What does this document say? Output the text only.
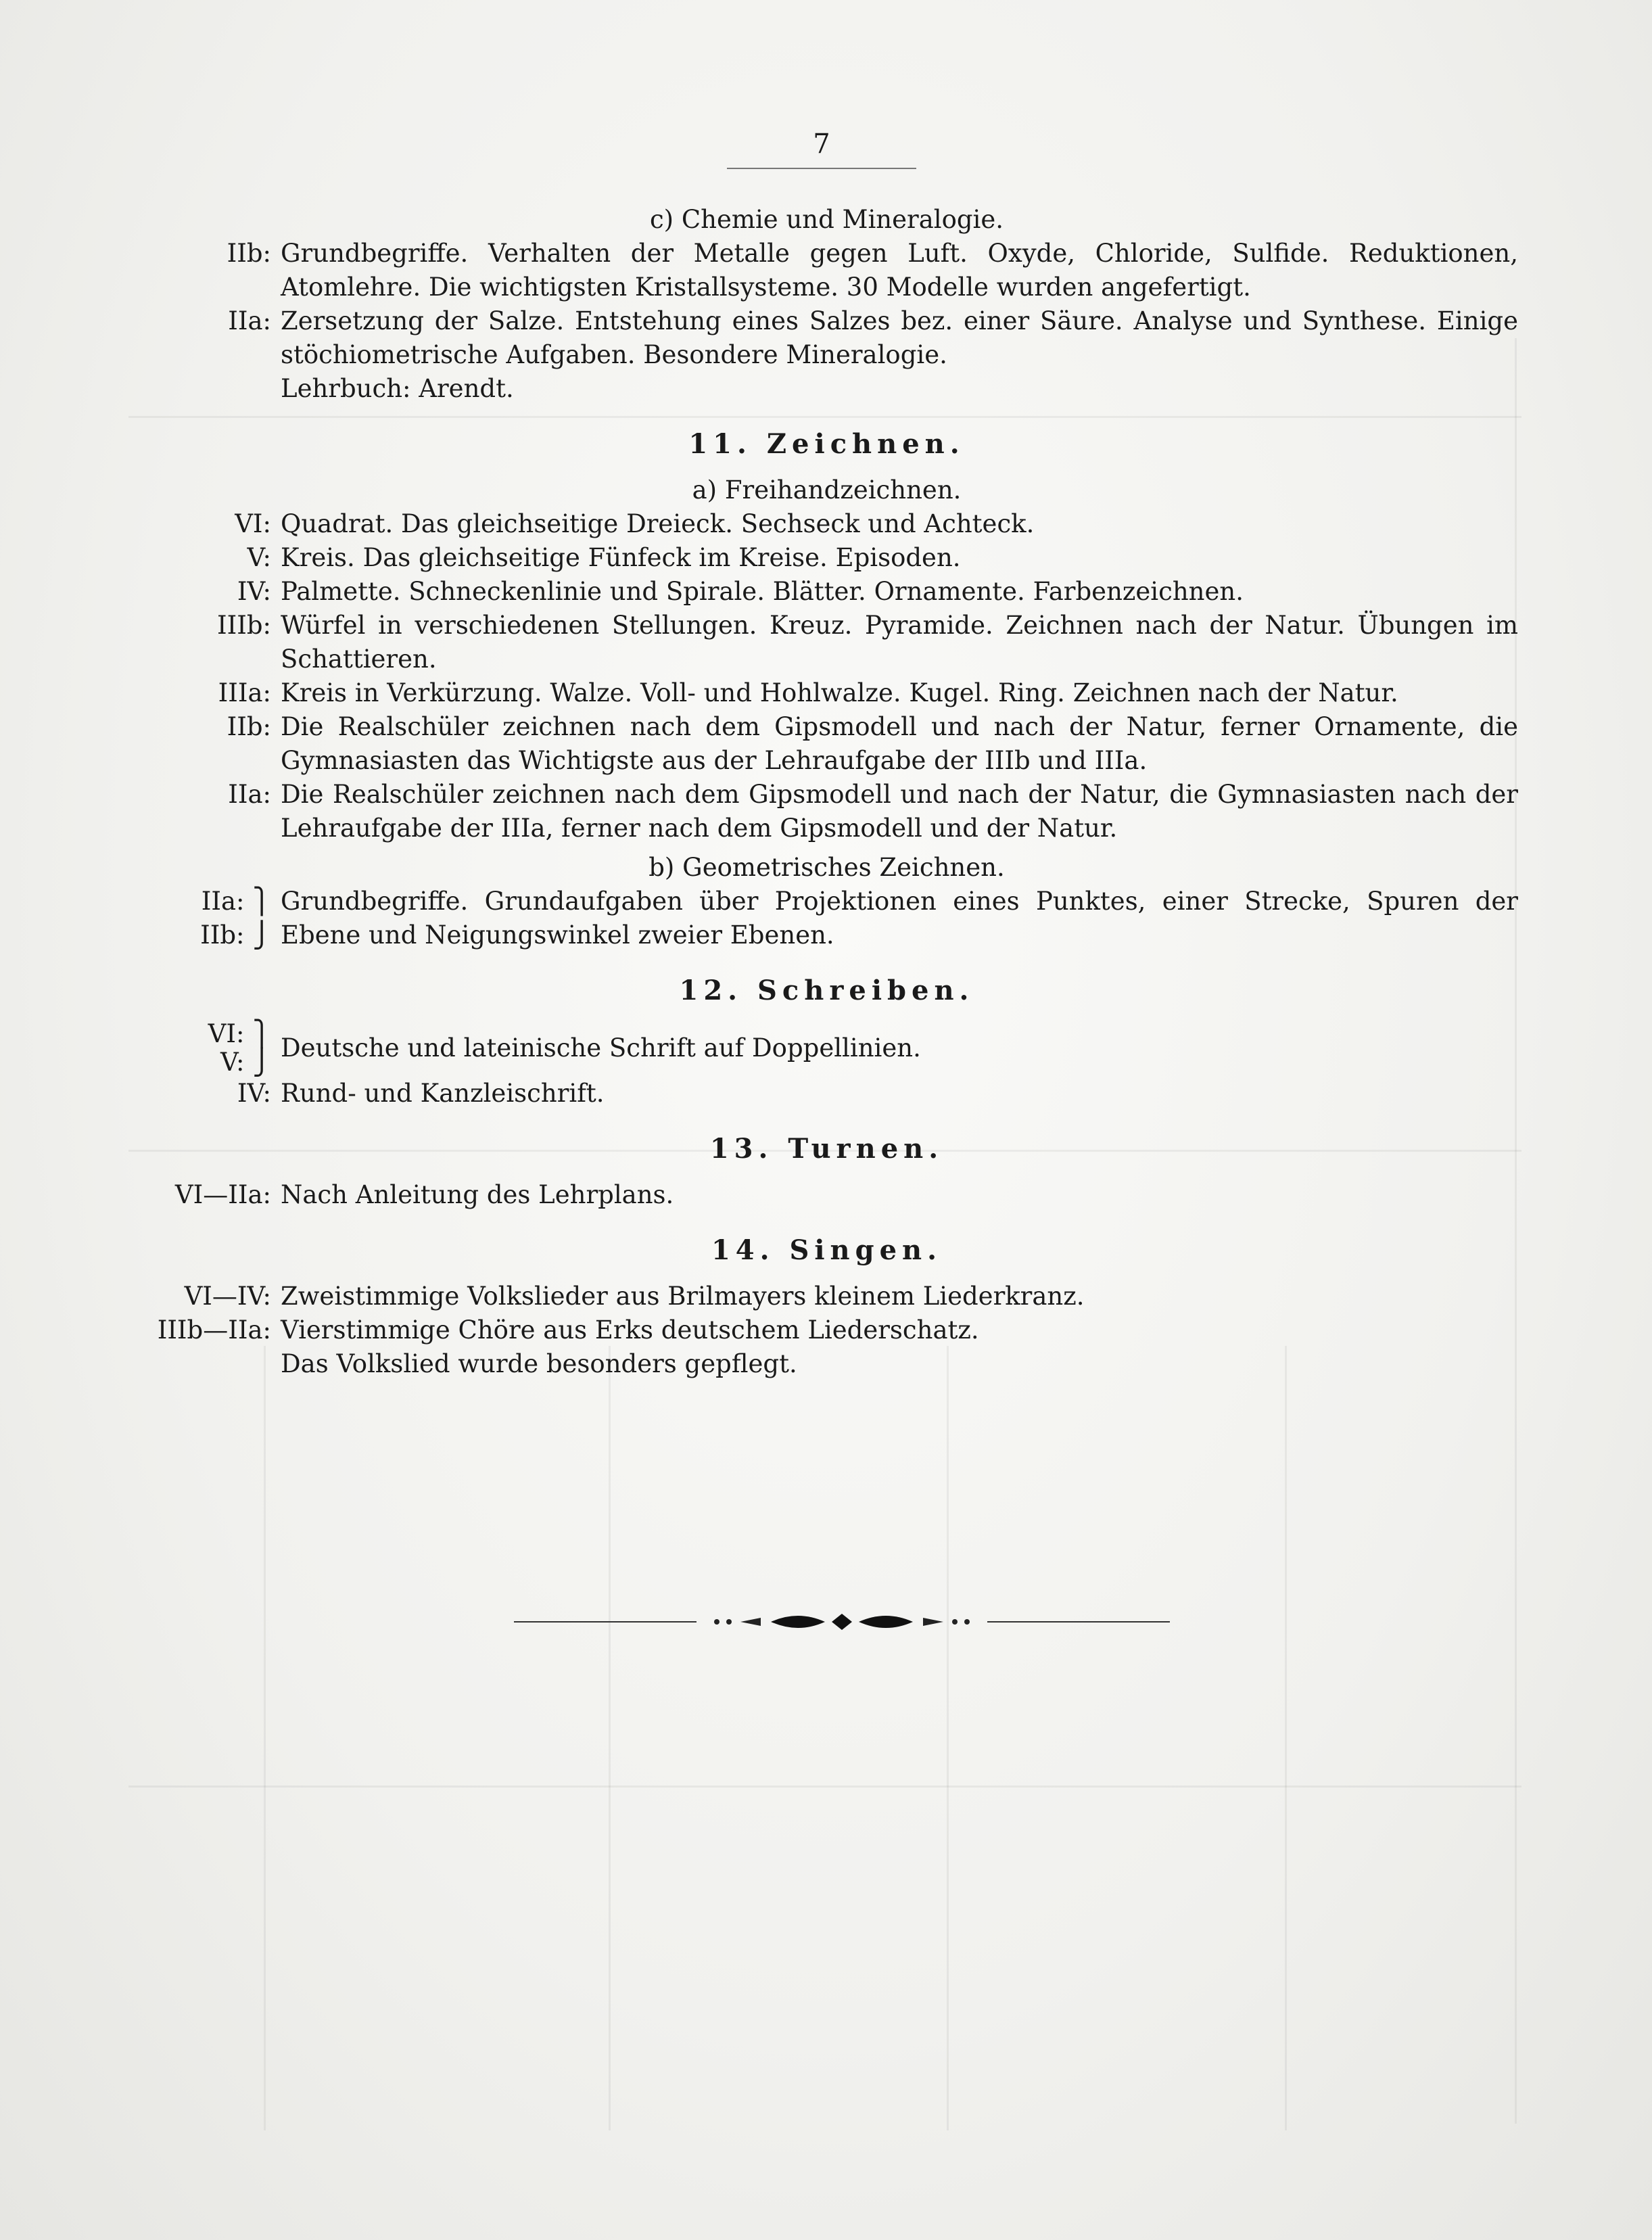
7

c) Chemie und Mineralogie.

IIb: Grundbegriffe. Verhalten der Metalle gegen Luft. Oxyde, Chloride, Sulfide. Reduktionen, Atomlehre. Die wichtigsten Kristallsysteme. 30 Modelle wurden angefertigt.
IIa: Zersetzung der Salze. Entstehung eines Salzes bez. einer Säure. Analyse und Synthese. Einige stöchiometrische Aufgaben. Besondere Mineralogie.
Lehrbuch: Arendt.
11. Zeichnen.

a) Freihandzeichnen.

VI: Quadrat. Das gleichseitige Dreieck. Sechseck und Achteck.
V: Kreis. Das gleichseitige Fünfeck im Kreise. Episoden.
IV: Palmette. Schneckenlinie und Spirale. Blätter. Ornamente. Farbenzeichnen.
IIIb: Würfel in verschiedenen Stellungen. Kreuz. Pyramide. Zeichnen nach der Natur. Übungen im Schattieren.
IIIa: Kreis in Verkürzung. Walze. Voll- und Hohlwalze. Kugel. Ring. Zeichnen nach der Natur.
IIb: Die Realschüler zeichnen nach dem Gipsmodell und nach der Natur, ferner Ornamente, die Gymnasiasten das Wichtigste aus der Lehraufgabe der IIIb und IIIa.
IIa: Die Realschüler zeichnen nach dem Gipsmodell und nach der Natur, die Gymnasiasten nach der Lehraufgabe der IIIa, ferner nach dem Gipsmodell und der Natur.

b) Geometrisches Zeichnen.

IIa: ⎫
IIb: ⎭
Grundbegriffe. Grundaufgaben über Projektionen eines Punktes, einer Strecke, Spuren der Ebene und Neigungswinkel zweier Ebenen.
12. Schreiben.
VI: ⎫
V: ⎭ Deutsche und lateinische Schrift auf Doppellinien.
IV: Rund- und Kanzleischrift.
13. Turnen.
VI—IIa: Nach Anleitung des Lehrplans.
14. Singen.
VI—IV: Zweistimmige Volkslieder aus Brilmayers kleinem Liederkranz.
IIIb—IIa: Vierstimmige Chöre aus Erks deutschem Liederschatz.
Das Volkslied wurde besonders gepflegt.
